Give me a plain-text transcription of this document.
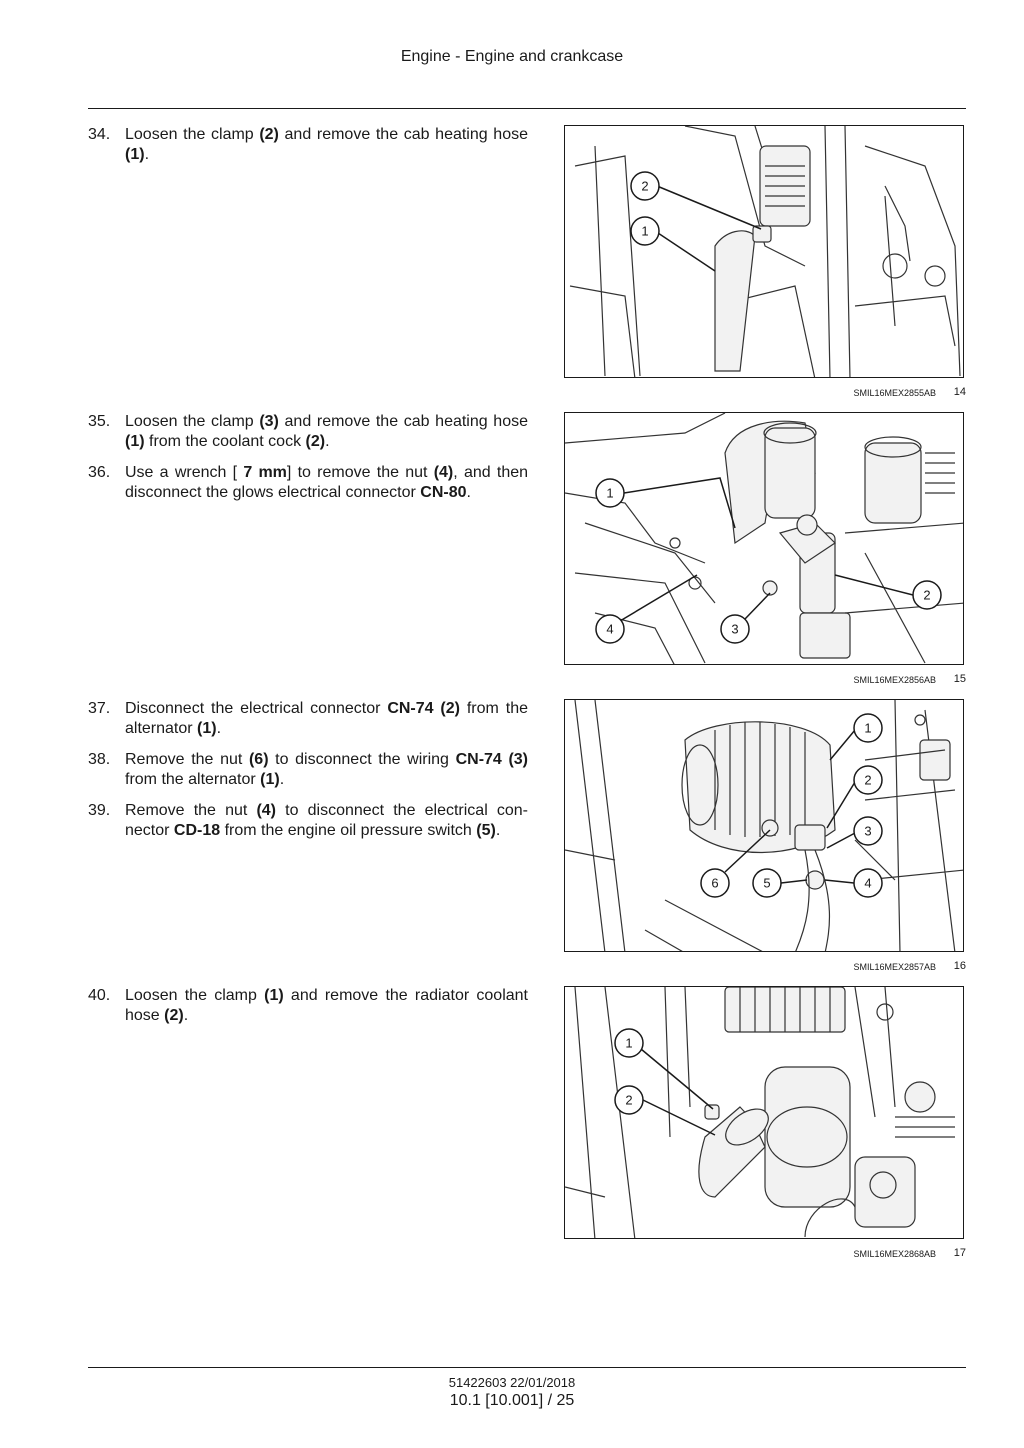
Engine - Engine and crankcase
34. Loosen the clamp (2) and remove the cab heating hose (1).
2
1
SMIL16MEX2855AB 14
35. Loosen the clamp (3) and remove the cab heating hose (1) from the coolant cock (2).
36. Use a wrench [ 7 mm] to remove the nut (4), and then disconnect the glows electrical connector CN-80.	1
2
4	3
SMIL16MEX2856AB 15
37. Disconnect the electrical connector CN-74 (2) from the alternator (1).
38. Remove the nut (6) to disconnect the wiring CN-74 (3) from the alternator (1).
39. Remove the nut (4) to disconnect the electrical con- nector CD-18 from the engine oil pressure switch (5).
1
2
3
6	5	4
SMIL16MEX2857AB 16
40. Loosen the clamp (1) and remove the radiator coolant hose (2).
1
2
SMIL16MEX2868AB 17
51422603 22/01/2018
10.1 [10.001] / 25
